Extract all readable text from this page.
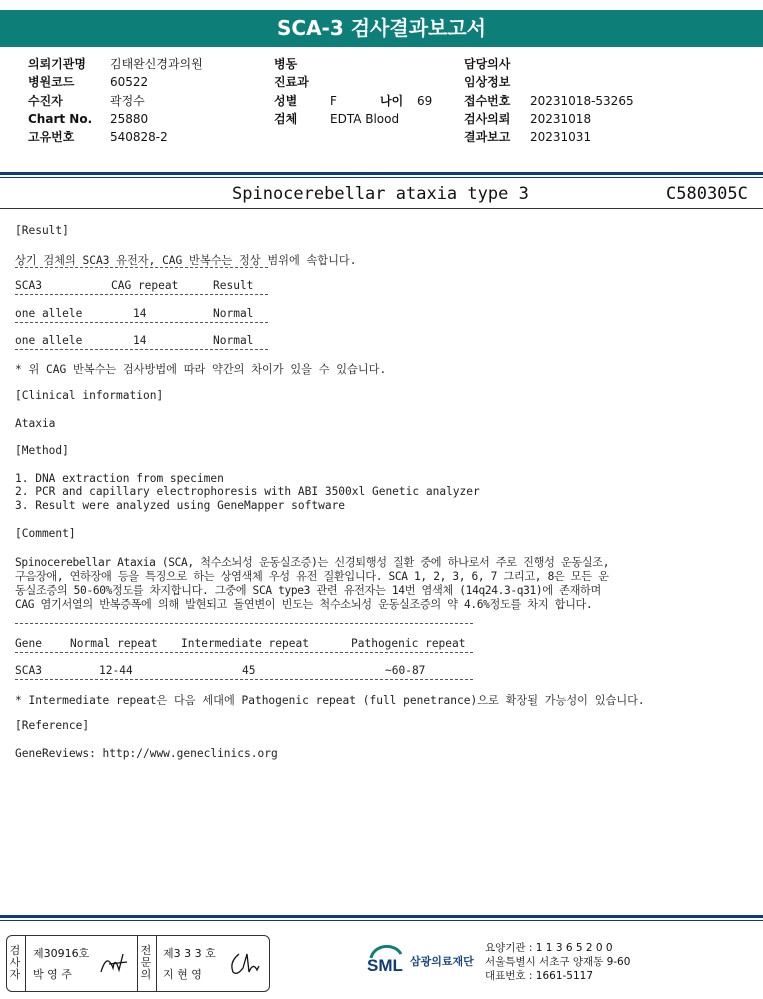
SCA-3 검사결과보고서
의뢰기관명 김태완신경과의원
병원코드	60522
수진자	곽정수
Chart No. 25880
고유번호	540828-2
병동
진료과
성별	F	나이 69
검체	EDTA Blood
담당의사
임상정보
접수번호 20231018-53265
검사의뢰 20231018
결과보고 20231031
Spinocerebellar ataxia type 3	C580305C
[Result]
상기 검체의 SCA3 유전자, CAG 반복수는 정상 범위에 속합니다.
SCA3	CAG repeat	Result
one allele	14	Normal
one allele	14	Normal
* 위 CAG 반복수는 검사방법에 따라 약간의 차이가 있을 수 있습니다.
[Clinical information]
Ataxia
[Method]
1. DNA extraction from specimen
2. PCR and capillary electrophoresis with ABI 3500xl Genetic analyzer
3. Result were analyzed using GeneMapper software
[Comment]
Spinocerebellar Ataxia (SCA, 척수소뇌성 운동실조증)는 신경퇴행성 질환 중에 하나로서 주로 진행성 운동실조,
구음장애, 연하장애 등을 특징으로 하는 상염색체 우성 유전 질환입니다. SCA 1, 2, 3, 6, 7 그리고, 8은 모든 운
동실조증의 50-60%정도를 차지합니다. 그중에 SCA type3 관련 유전자는 14번 염색체 (14q24.3-q31)에 존재하며
CAG 염기서열의 반복증폭에 의해 발현되고 돌연변이 빈도는 척수소뇌성 운동실조증의 약 4.6%정도를 차지 합니다.
Gene	Normal repeat Intermediate repeat	Pathogenic repeat
SCA3	12-44	45	~60-87
* Intermediate repeat은 다음 세대에 Pathogenic repeat (full penetrance)으로 확장될 가능성이 있습니다.
[Reference]
GeneReviews: http://www.geneclinics.org
검
사
자
제30916호
박 영 주
전
문
의
제3 3 3 호
지 현 영	SML 삼광의료재단
요양기관 : 1 1 3 6 5 2 0 0
서울특별시 서초구 양재동 9-60
대표번호 : 1661-5117
